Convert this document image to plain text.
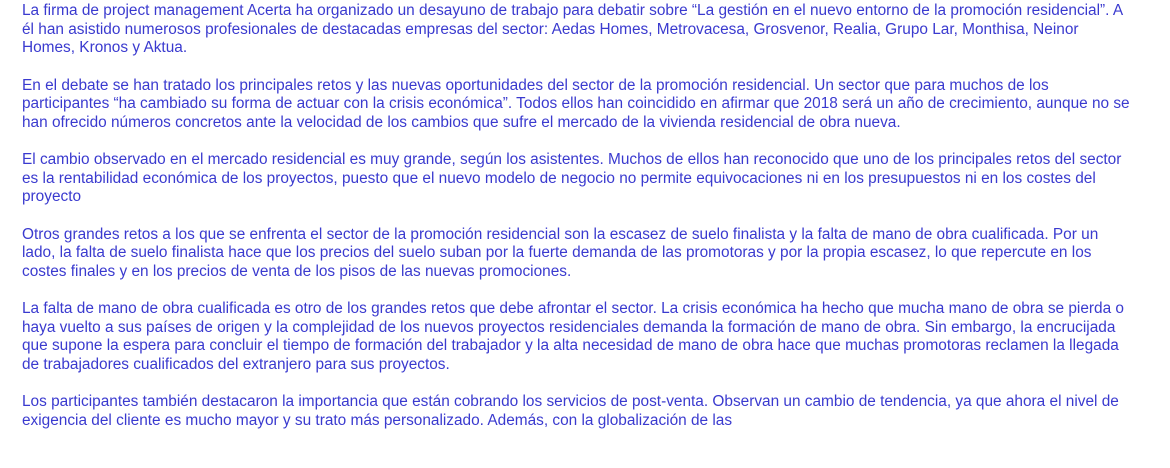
La firma de project management Acerta ha organizado un desayuno de trabajo para debatir sobre “La gestión en el nuevo entorno de la promoción residencial”. A él han asistido numerosos profesionales de destacadas empresas del sector: Aedas Homes, Metrovacesa, Grosvenor, Realia, Grupo Lar, Monthisa, Neinor Homes, Kronos y Aktua.

En el debate se han tratado los principales retos y las nuevas oportunidades del sector de la promoción residencial. Un sector que para muchos de los participantes “ha cambiado su forma de actuar con la crisis económica”. Todos ellos han coincidido en afirmar que 2018 será un año de crecimiento, aunque no se han ofrecido números concretos ante la velocidad de los cambios que sufre el mercado de la vivienda residencial de obra nueva.

El cambio observado en el mercado residencial es muy grande, según los asistentes. Muchos de ellos han reconocido que uno de los principales retos del sector es la rentabilidad económica de los proyectos, puesto que el nuevo modelo de negocio no permite equivocaciones ni en los presupuestos ni en los costes del proyecto

Otros grandes retos a los que se enfrenta el sector de la promoción residencial son la escasez de suelo finalista y la falta de mano de obra cualificada. Por un lado, la falta de suelo finalista hace que los precios del suelo suban por la fuerte demanda de las promotoras y por la propia escasez, lo que repercute en los costes finales y en los precios de venta de los pisos de las nuevas promociones.

La falta de mano de obra cualificada es otro de los grandes retos que debe afrontar el sector. La crisis económica ha hecho que mucha mano de obra se pierda o haya vuelto a sus países de origen y la complejidad de los nuevos proyectos residenciales demanda la formación de mano de obra. Sin embargo, la encrucijada que supone la espera para concluir el tiempo de formación del trabajador y la alta necesidad de mano de obra hace que muchas promotoras reclamen la llegada de trabajadores cualificados del extranjero para sus proyectos.

Los participantes también destacaron la importancia que están cobrando los servicios de post-venta. Observan un cambio de tendencia, ya que ahora el nivel de exigencia del cliente es mucho mayor y su trato más personalizado. Además, con la globalización de las
